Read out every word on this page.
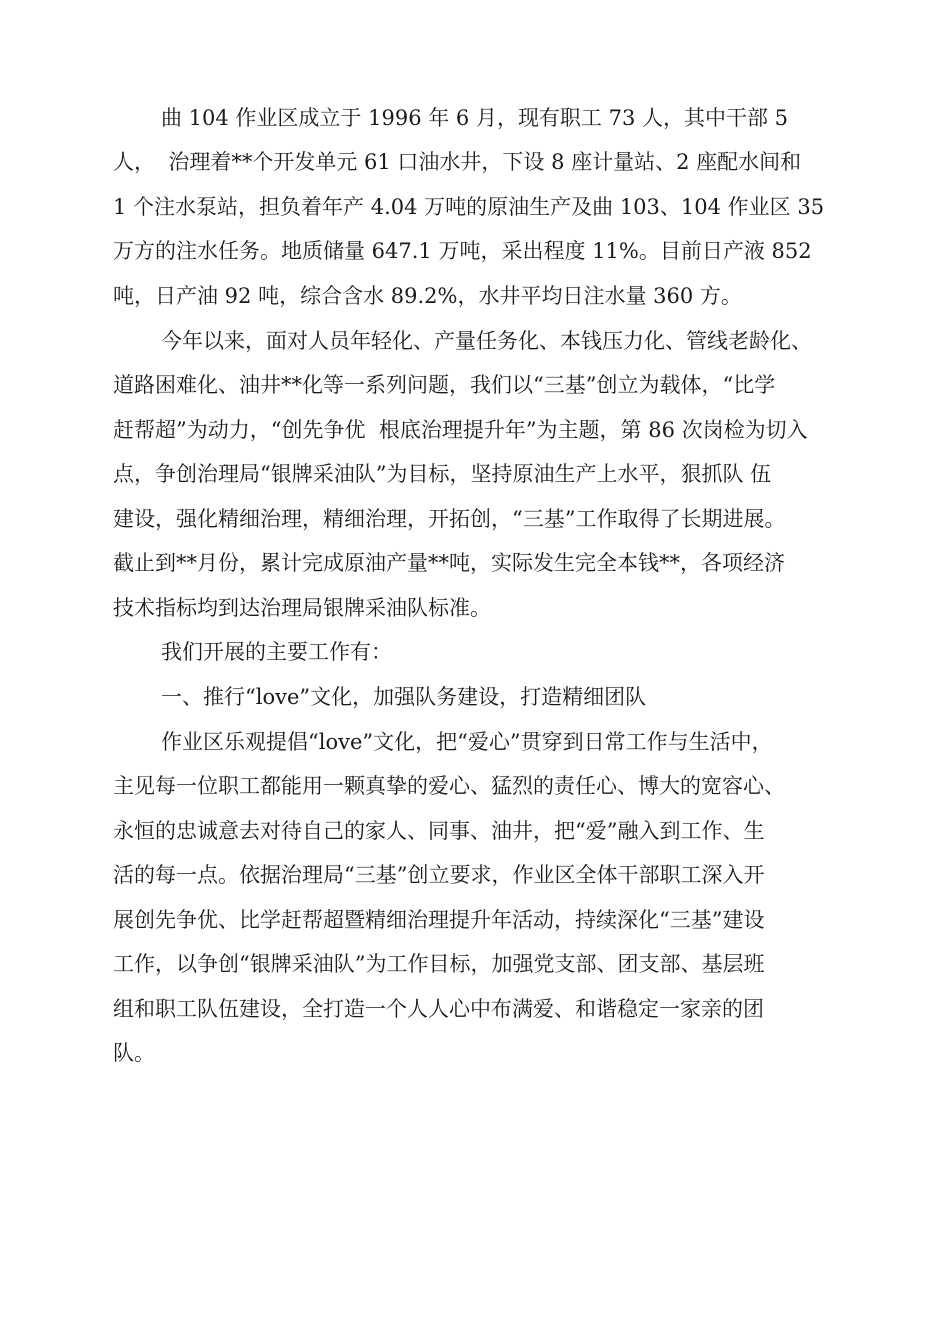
曲 104 作业区成立于 1996 年 6 月，现有职工 73 人，其中干部 5
人，  治理着**个开发单元 61 口油水井，下设 8 座计量站、2 座配水间和
1 个注水泵站，担负着年产 4.04 万吨的原油生产及曲 103、104 作业区 35
万方的注水任务。地质储量 647.1 万吨，采出程度 11%。目前日产液 852
吨，日产油 92 吨，综合含水 89.2%，水井平均日注水量 360 方。
今年以来，面对人员年轻化、产量任务化、本钱压力化、管线老龄化、
道路困难化、油井**化等一系列问题，我们以“三基”创立为载体，“比学
赶帮超”为动力，“创先争优  根底治理提升年”为主题，第 86 次岗检为切入
点，争创治理局“银牌采油队”为目标，坚持原油生产上水平，狠抓队 伍
建设，强化精细治理，精细治理，开拓创，“三基”工作取得了长期进展。
截止到**月份，累计完成原油产量**吨，实际发生完全本钱**，各项经济
技术指标均到达治理局银牌采油队标准。
我们开展的主要工作有：
一、推行“love”文化，加强队务建设，打造精细团队
作业区乐观提倡“love”文化，把“爱心”贯穿到日常工作与生活中，
主见每一位职工都能用一颗真挚的爱心、猛烈的责任心、博大的宽容心、
永恒的忠诚意去对待自己的家人、同事、油井，把“爱”融入到工作、生
活的每一点。依据治理局“三基”创立要求，作业区全体干部职工深入开
展创先争优、比学赶帮超暨精细治理提升年活动，持续深化“三基”建设
工作，以争创“银牌采油队”为工作目标，加强党支部、团支部、基层班
组和职工队伍建设，全打造一个人人心中布满爱、和谐稳定一家亲的团
队。
